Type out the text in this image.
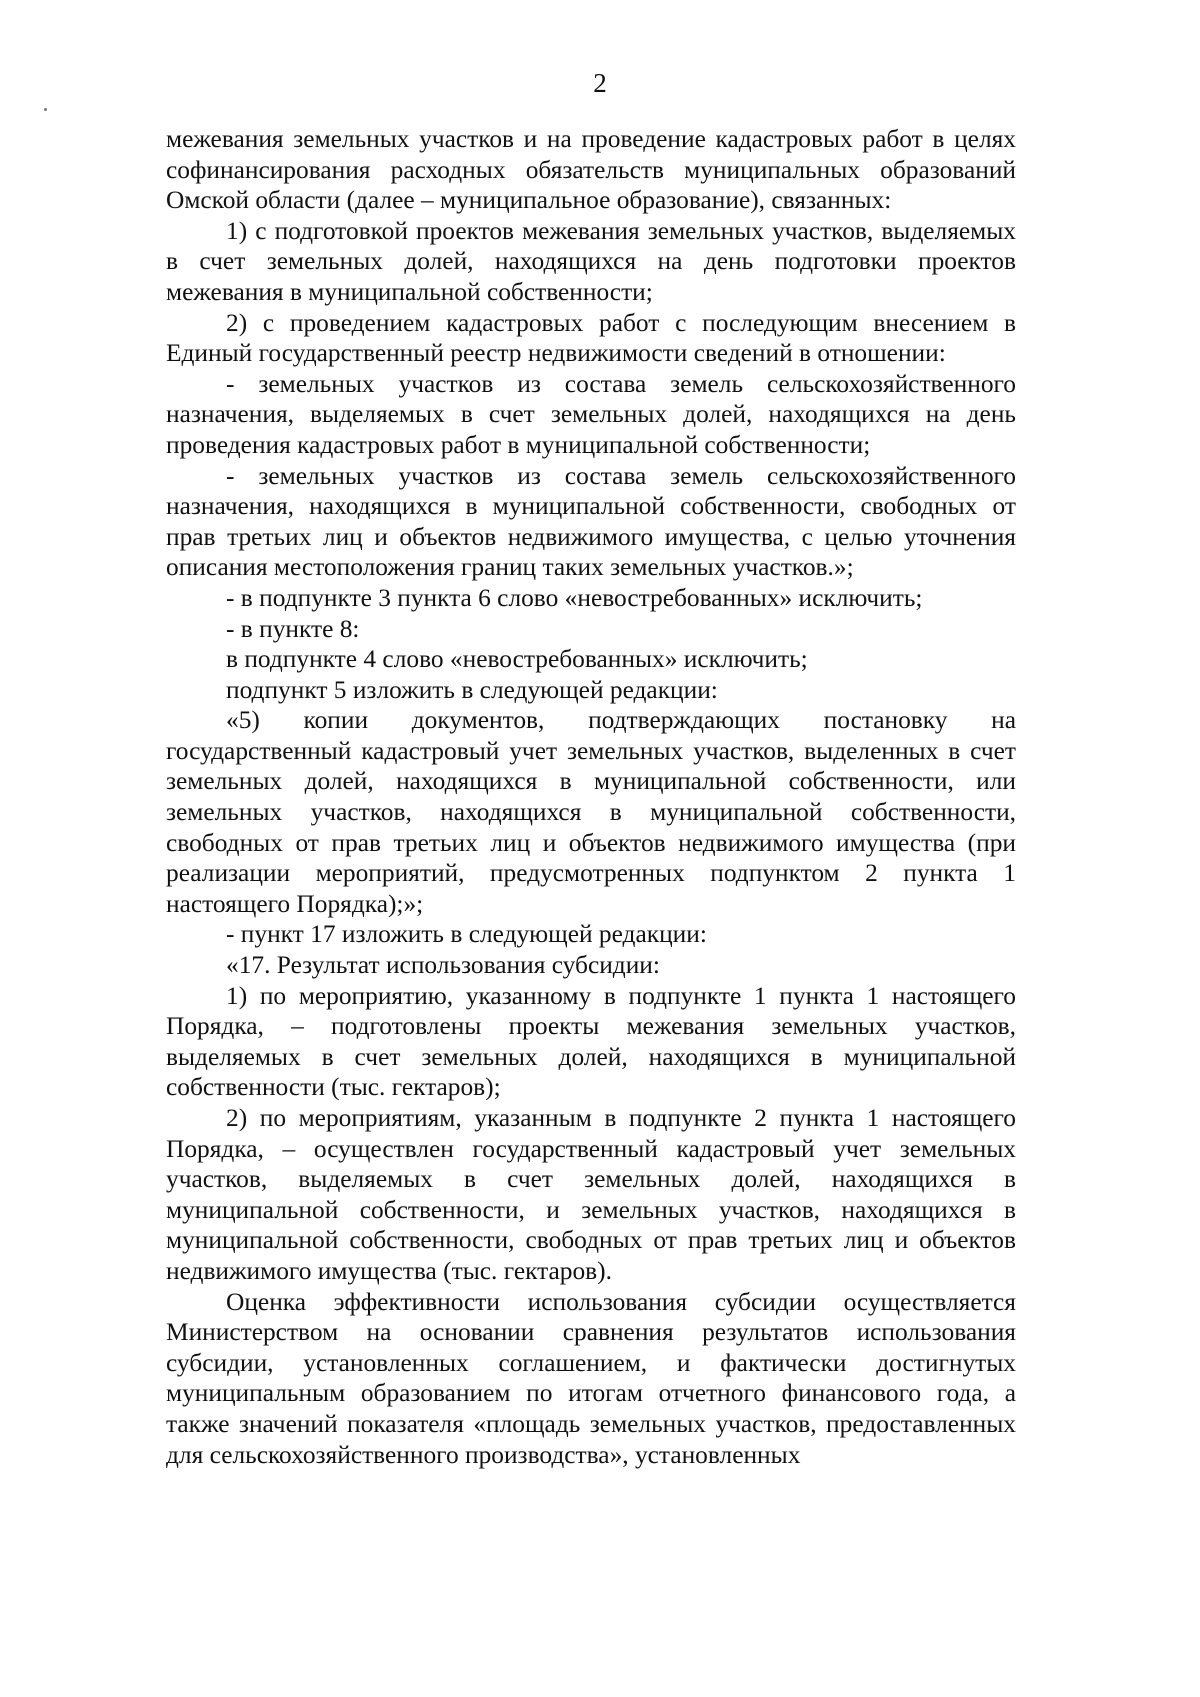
2

межевания земельных участков и на проведение кадастровых работ в целях софинансирования расходных обязательств муниципальных образований Омской области (далее – муниципальное образование), связанных:

1) с подготовкой проектов межевания земельных участков, выделяемых в счет земельных долей, находящихся на день подготовки проектов межевания в муниципальной собственности;

2) с проведением кадастровых работ с последующим внесением в Единый государственный реестр недвижимости сведений в отношении:

- земельных участков из состава земель сельскохозяйственного назначения, выделяемых в счет земельных долей, находящихся на день проведения кадастровых работ в муниципальной собственности;

- земельных участков из состава земель сельскохозяйственного назначения, находящихся в муниципальной собственности, свободных от прав третьих лиц и объектов недвижимого имущества, с целью уточнения описания местоположения границ таких земельных участков.»;

- в подпункте 3 пункта 6 слово «невостребованных» исключить;

- в пункте 8:

в подпункте 4 слово «невостребованных» исключить;

подпункт 5 изложить в следующей редакции:

«5) копии документов, подтверждающих постановку на государственный кадастровый учет земельных участков, выделенных в счет земельных долей, находящихся в муниципальной собственности, или земельных участков, находящихся в муниципальной собственности, свободных от прав третьих лиц и объектов недвижимого имущества (при реализации мероприятий, предусмотренных подпунктом 2 пункта 1 настоящего Порядка);»;

- пункт 17 изложить в следующей редакции:

«17. Результат использования субсидии:

1) по мероприятию, указанному в подпункте 1 пункта 1 настоящего Порядка, – подготовлены проекты межевания земельных участков, выделяемых в счет земельных долей, находящихся в муниципальной собственности (тыс. гектаров);

2) по мероприятиям, указанным в подпункте 2 пункта 1 настоящего Порядка, – осуществлен государственный кадастровый учет земельных участков, выделяемых в счет земельных долей, находящихся в муниципальной собственности, и земельных участков, находящихся в муниципальной собственности, свободных от прав третьих лиц и объектов недвижимого имущества (тыс. гектаров).

Оценка эффективности использования субсидии осуществляется Министерством на основании сравнения результатов использования субсидии, установленных соглашением, и фактически достигнутых муниципальным образованием по итогам отчетного финансового года, а также значений показателя «площадь земельных участков, предоставленных для сельскохозяйственного производства», установленных
